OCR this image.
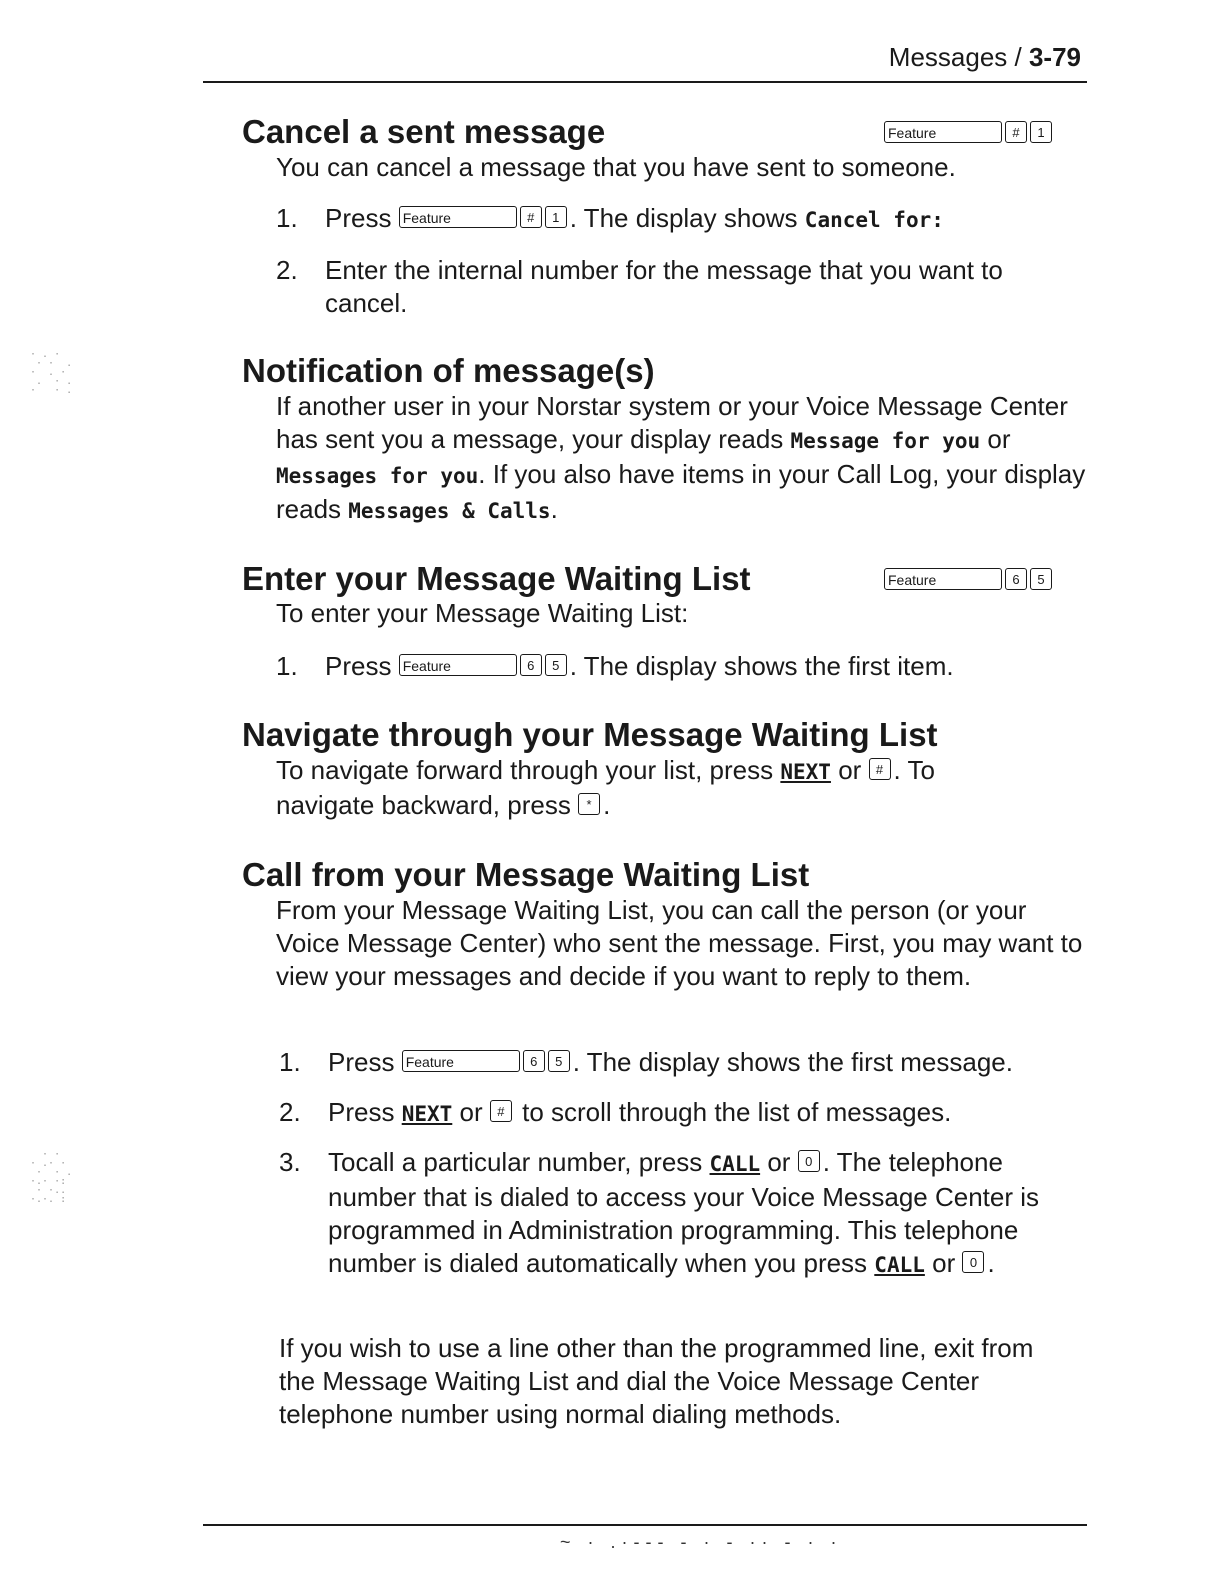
Messages / 3-79
Cancel a sent message	Feature	# 1
You can cancel a message that you have sent to someone.
1.	Press Feature	# 1 . The display shows Cancel for:
2.	Enter the internal number for the message that you want to cancel.
Notification of message(s)
If another user in your Norstar system or your Voice Message Center has sent you a message, your display reads Message for you or Messages for you. If you also have items in your Call Log, your display reads Messages & Calls.
Enter your Message Waiting List	Feature	6 5
To enter your Message Waiting List:
1.	Press Feature	6 5 . The display shows the first item.
Navigate through your Message Waiting List
To navigate forward through your list, press NEXT or # . To navigate backward, press * .
Call from your Message Waiting List
From your Message Waiting List, you can call the person (or your Voice Message Center) who sent the message. First, you may want to view your messages and decide if you want to reply to them.
1.	Press Feature	6 5 . The display shows the first message.
2.	Press NEXT or # to scroll through the list of messages.
3.	Tocall a particular number, press CALL or 0 . The telephone number that is dialed to access your Voice Message Center is programmed in Administration programming. This telephone number is dialed automatically when you press CALL or 0 .
If you wish to use a line other than the programmed line, exit from the Message Waiting List and dial the Voice Message Center telephone number using normal dialing methods.
~ · .·--- - · - ·· - · ·
· . ·
· ·  .
·  . ·
.  · .
·   · .
· ·
· .· ·
·  · .
·.· ·:
· ·..
·.·. :
